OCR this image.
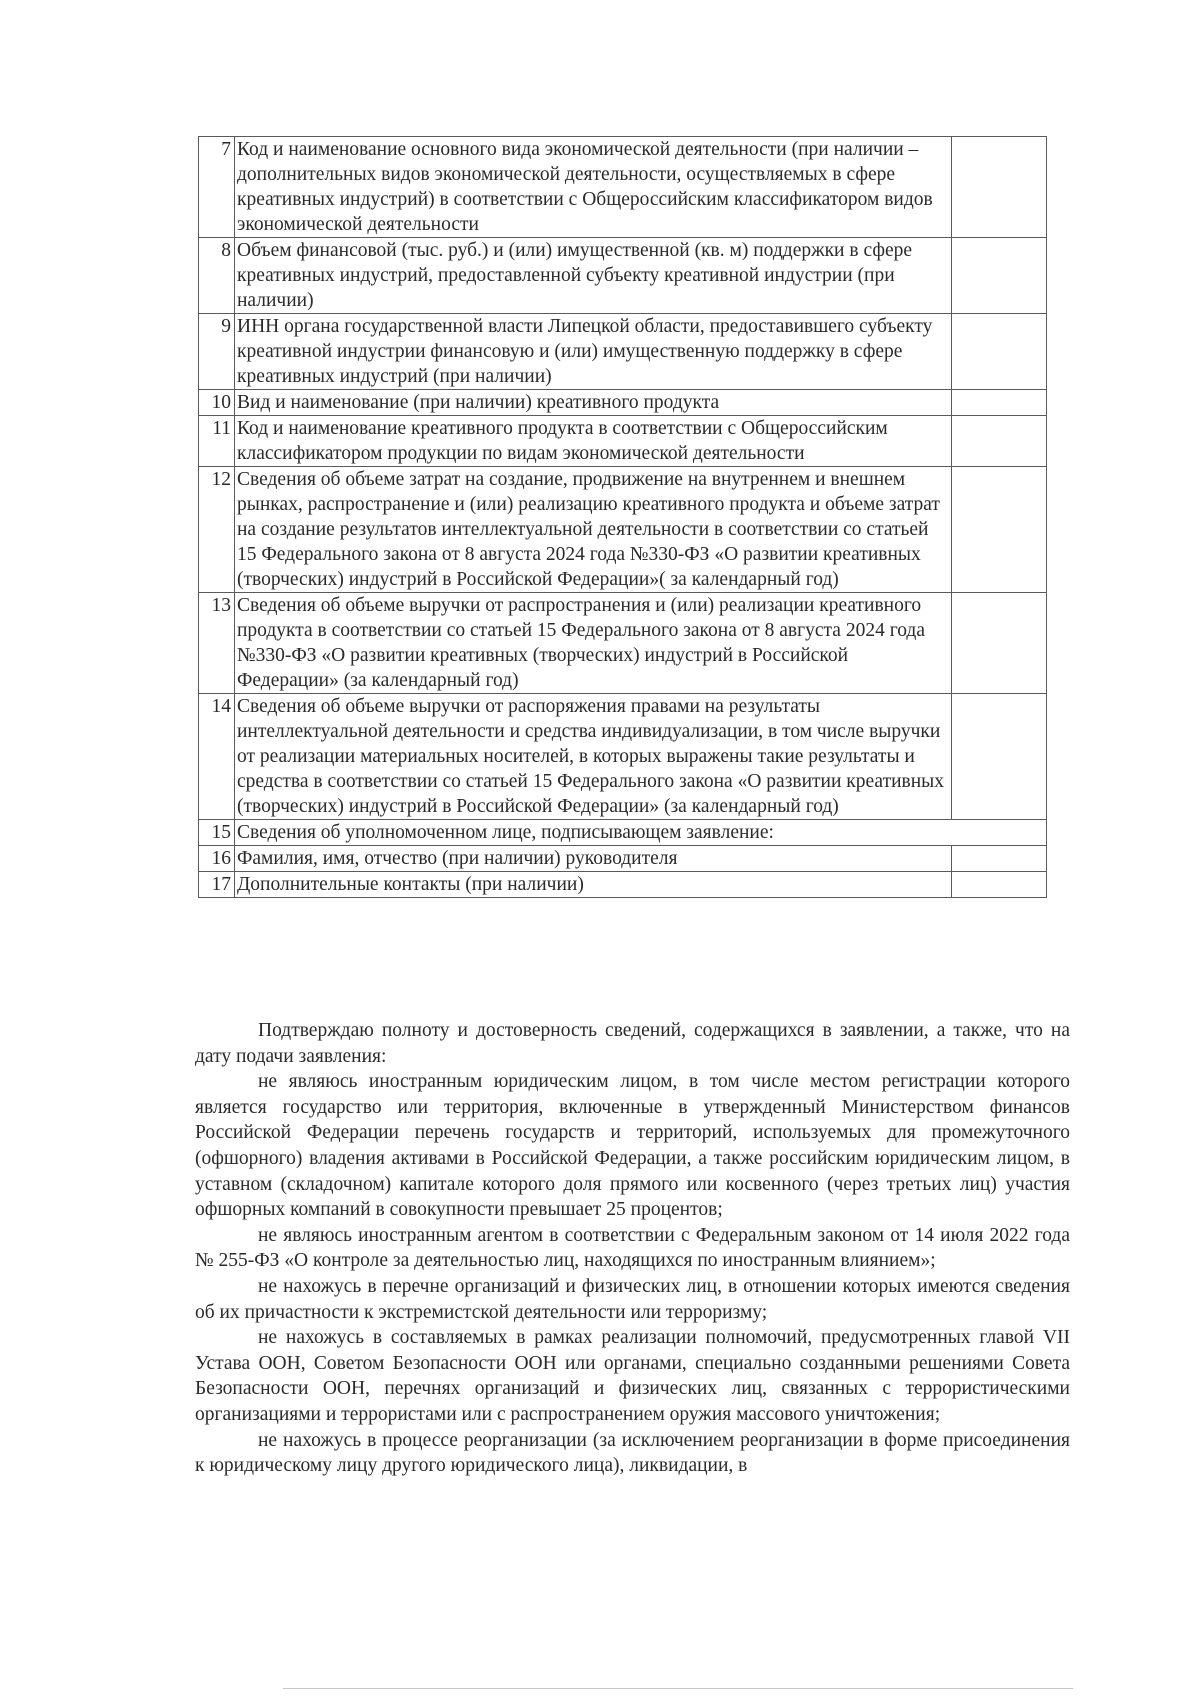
7	Код и наименование основного вида экономической деятельности (при наличии – дополнительных видов экономической деятельности, осуществляемых в сфере креативных индустрий) в соответствии с Общероссийским классификатором видов экономической деятельности	
8	Объем финансовой (тыс. руб.) и (или) имущественной (кв. м) поддержки в сфере креативных индустрий, предоставленной субъекту креативной индустрии (при наличии)	
9	ИНН органа государственной власти Липецкой области, предоставившего субъекту креативной индустрии финансовую и (или) имущественную поддержку в сфере креативных индустрий (при наличии)	
10	Вид и наименование (при наличии) креативного продукта	
11	Код и наименование креативного продукта в соответствии с Общероссийским классификатором продукции по видам экономической деятельности	
12	Сведения об объеме затрат на создание, продвижение на внутреннем и внешнем рынках, распространение и (или) реализацию креативного продукта и объеме затрат на создание результатов интеллектуальной деятельности в соответствии со статьей 15 Федерального закона от 8 августа 2024 года №330-ФЗ «О развитии креативных (творческих) индустрий в Российской Федерации»( за календарный год)	
13	Сведения об объеме выручки от распространения и (или) реализации креативного продукта в соответствии со статьей 15 Федерального закона от 8 августа 2024 года №330-ФЗ «О развитии креативных (творческих) индустрий в Российской Федерации» (за календарный год)	
14	Сведения об объеме выручки от распоряжения правами на результаты интеллектуальной деятельности и средства индивидуализации, в том числе выручки от реализации материальных носителей, в которых выражены такие результаты и средства в соответствии со статьей 15 Федерального закона «О развитии креативных (творческих) индустрий в Российской Федерации» (за календарный год)	
15	Сведения об уполномоченном лице, подписывающем заявление:	
16	Фамилия, имя, отчество (при наличии) руководителя	
17	Дополнительные контакты (при наличии)	

Подтверждаю полноту и достоверность сведений, содержащихся в заявлении, а также, что на дату подачи заявления:

не являюсь иностранным юридическим лицом, в том числе местом регистрации которого является государство или территория, включенные в утвержденный Министерством финансов Российской Федерации перечень государств и территорий, используемых для промежуточного (офшорного) владения активами в Российской Федерации, а также российским юридическим лицом, в уставном (складочном) капитале которого доля прямого или косвенного (через третьих лиц) участия офшорных компаний в совокупности превышает 25 процентов;

не являюсь иностранным агентом в соответствии с Федеральным законом от 14 июля 2022 года № 255-ФЗ «О контроле за деятельностью лиц, находящихся по иностранным влиянием»;

не нахожусь в перечне организаций и физических лиц, в отношении которых имеются сведения об их причастности к экстремистской деятельности или терроризму;

не нахожусь в составляемых в рамках реализации полномочий, предусмотренных главой VII Устава ООН, Советом Безопасности ООН или органами, специально созданными решениями Совета Безопасности ООН, перечнях организаций и физических лиц, связанных с террористическими организациями и террористами или с распространением оружия массового уничтожения;

не нахожусь в процессе реорганизации (за исключением реорганизации в форме присоединения к юридическому лицу другого юридического лица), ликвидации, в
